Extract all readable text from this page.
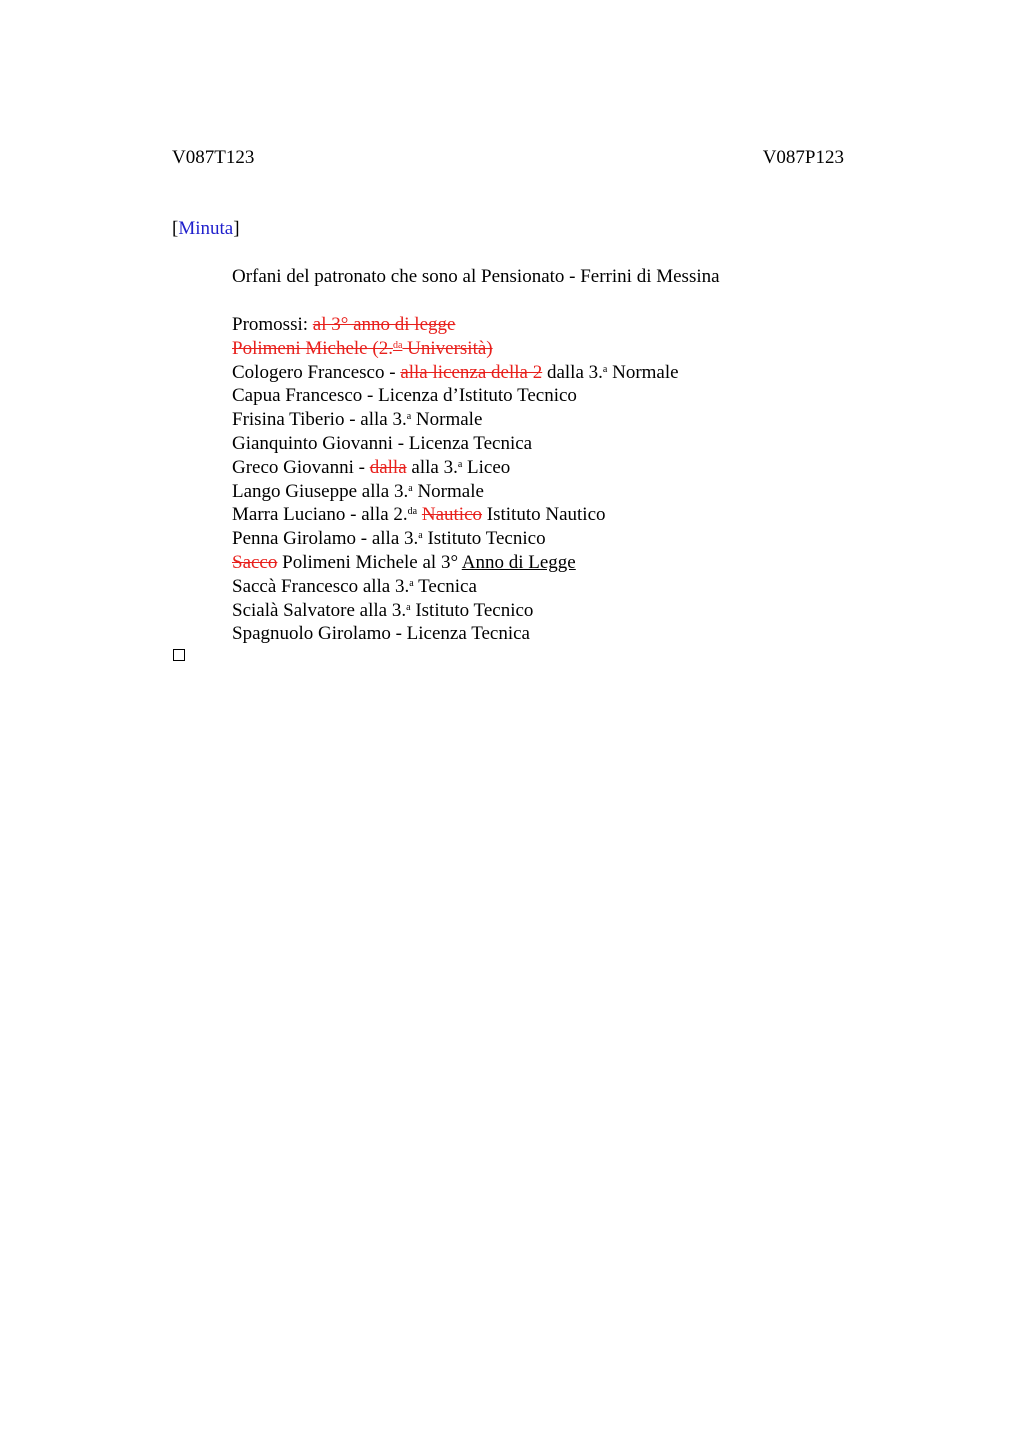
V087T123	V087P123
[Minuta]
Orfani del patronato che sono al Pensionato - Ferrini di Messina
Promossi: al 3° anno di legge
Polimeni Michele (2.$^{da}$ Università)
Cologero Francesco - alla licenza della 2 dalla 3.$^a$ Normale
Capua Francesco - Licenza d’Istituto Tecnico
Frisina Tiberio - alla 3.$^a$ Normale
Gianquinto Giovanni - Licenza Tecnica
Greco Giovanni - dalla alla 3.$^a$ Liceo
Lango Giuseppe alla 3.$^a$ Normale
Marra Luciano - alla 2.$^{da}$ Nautico Istituto Nautico
Penna Girolamo - alla 3.$^a$ Istituto Tecnico
Sacco Polimeni Michele al 3° Anno di Legge
Saccà Francesco alla 3.$^a$ Tecnica
Scialà Salvatore alla 3.$^a$ Istituto Tecnico
Spagnuolo Girolamo - Licenza Tecnica
